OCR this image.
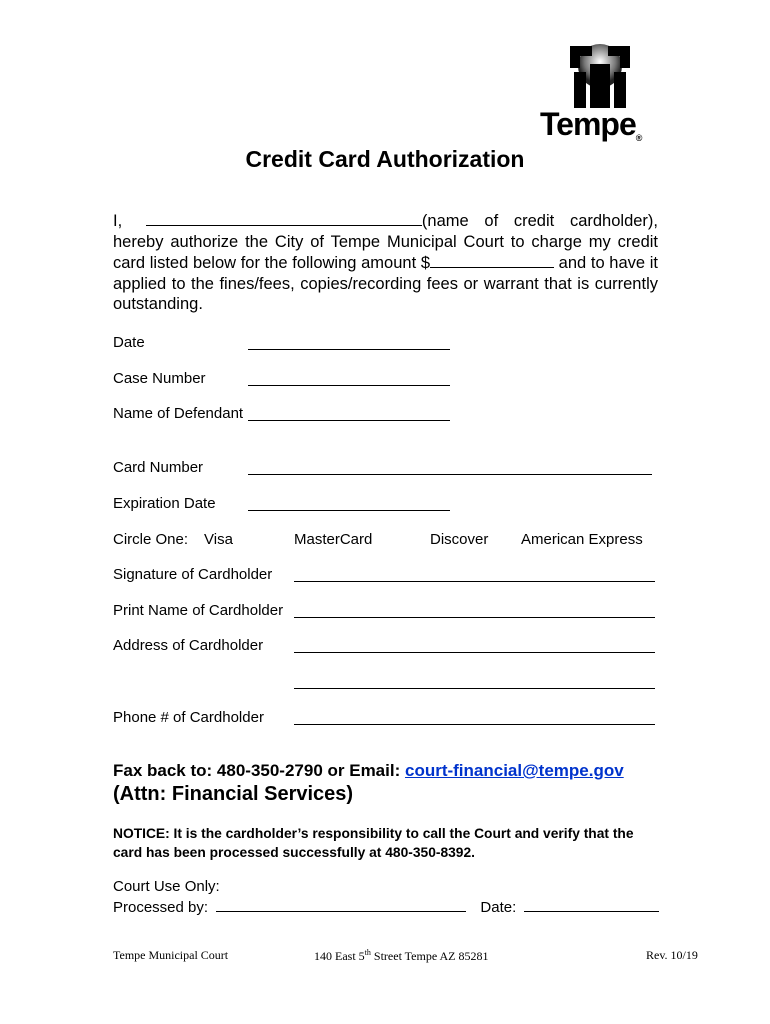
Tempe®
Credit Card Authorization
I,	(name of credit cardholder), hereby authorize the City of Tempe Municipal Court to charge my credit card listed below for the following amount $	and to have it applied to the fines/fees, copies/recording fees or warrant that is currently outstanding.
Date
Case Number
Name of Defendant
Card Number
Expiration Date
Circle One: Visa	MasterCard	Discover American Express
Signature of Cardholder
Print Name of Cardholder
Address of Cardholder
Phone # of Cardholder
Fax back to: 480-350-2790 or Email: court-financial@tempe.gov
(Attn: Financial Services)
NOTICE: It is the cardholder’s responsibility to call the Court and verify that the card has been processed successfully at 480-350-8392.
Court Use Only:
Processed by:	Date:
Tempe Municipal Court	140 East 5th Street Tempe AZ 85281	Rev. 10/19
